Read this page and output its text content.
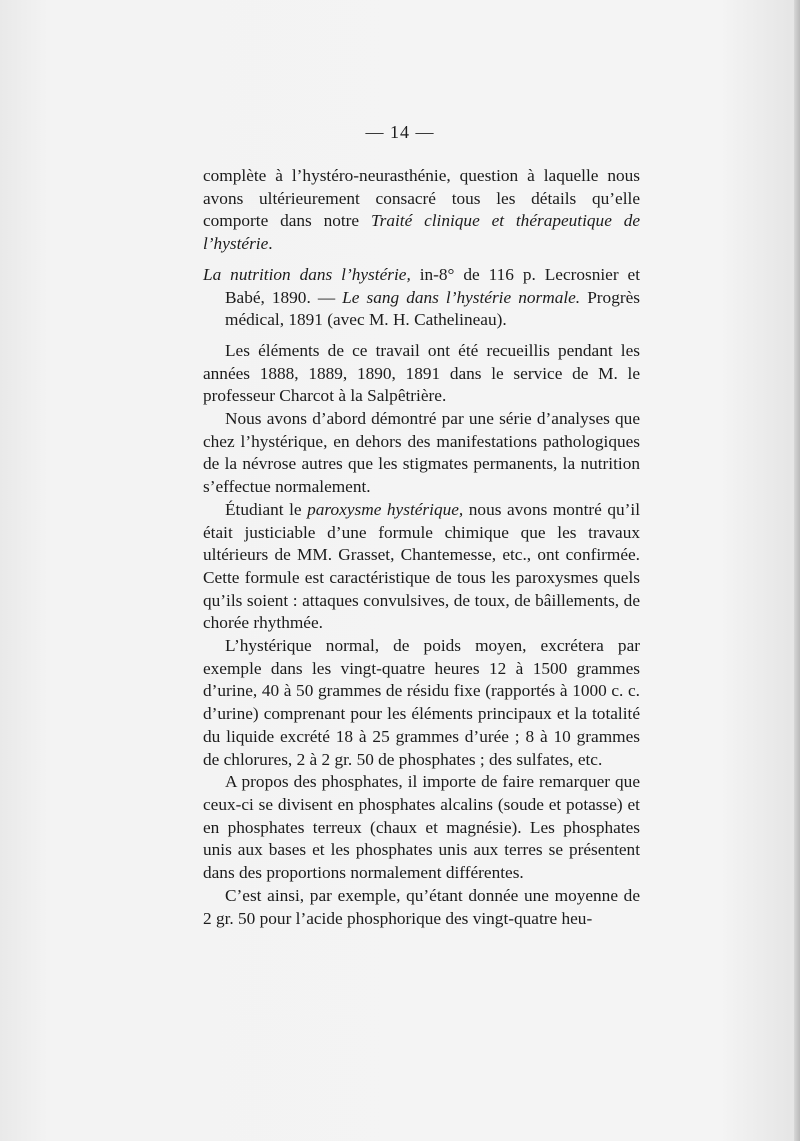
— 14 —

complète à l’hystéro-neurasthénie, question à laquelle nous avons ultérieurement consacré tous les détails qu’elle comporte dans notre Traité clinique et thérapeutique de l’hystérie.

La nutrition dans l’hystérie, in-8° de 116 p. Lecrosnier et Babé, 1890. — Le sang dans l’hystérie normale. Progrès médical, 1891 (avec M. H. Cathelineau).

Les éléments de ce travail ont été recueillis pendant les années 1888, 1889, 1890, 1891 dans le service de M. le professeur Charcot à la Salpêtrière.

Nous avons d’abord démontré par une série d’analyses que chez l’hystérique, en dehors des manifestations pathologiques de la névrose autres que les stigmates permanents, la nutrition s’effectue normalement.

Étudiant le paroxysme hystérique, nous avons montré qu’il était justiciable d’une formule chimique que les travaux ultérieurs de MM. Grasset, Chantemesse, etc., ont confirmée. Cette formule est caractéristique de tous les paroxysmes quels qu’ils soient : attaques convulsives, de toux, de bâillements, de chorée rhythmée.

L’hystérique normal, de poids moyen, excrétera par exemple dans les vingt-quatre heures 12 à 1500 grammes d’urine, 40 à 50 grammes de résidu fixe (rapportés à 1000 c. c. d’urine) comprenant pour les éléments principaux et la totalité du liquide excrété 18 à 25 grammes d’urée ; 8 à 10 grammes de chlorures, 2 à 2 gr. 50 de phosphates ; des sulfates, etc.

A propos des phosphates, il importe de faire remarquer que ceux-ci se divisent en phosphates alcalins (soude et potasse) et en phosphates terreux (chaux et magnésie). Les phosphates unis aux bases et les phosphates unis aux terres se présentent dans des proportions normalement différentes.

C’est ainsi, par exemple, qu’étant donnée une moyenne de 2 gr. 50 pour l’acide phosphorique des vingt-quatre heu-
